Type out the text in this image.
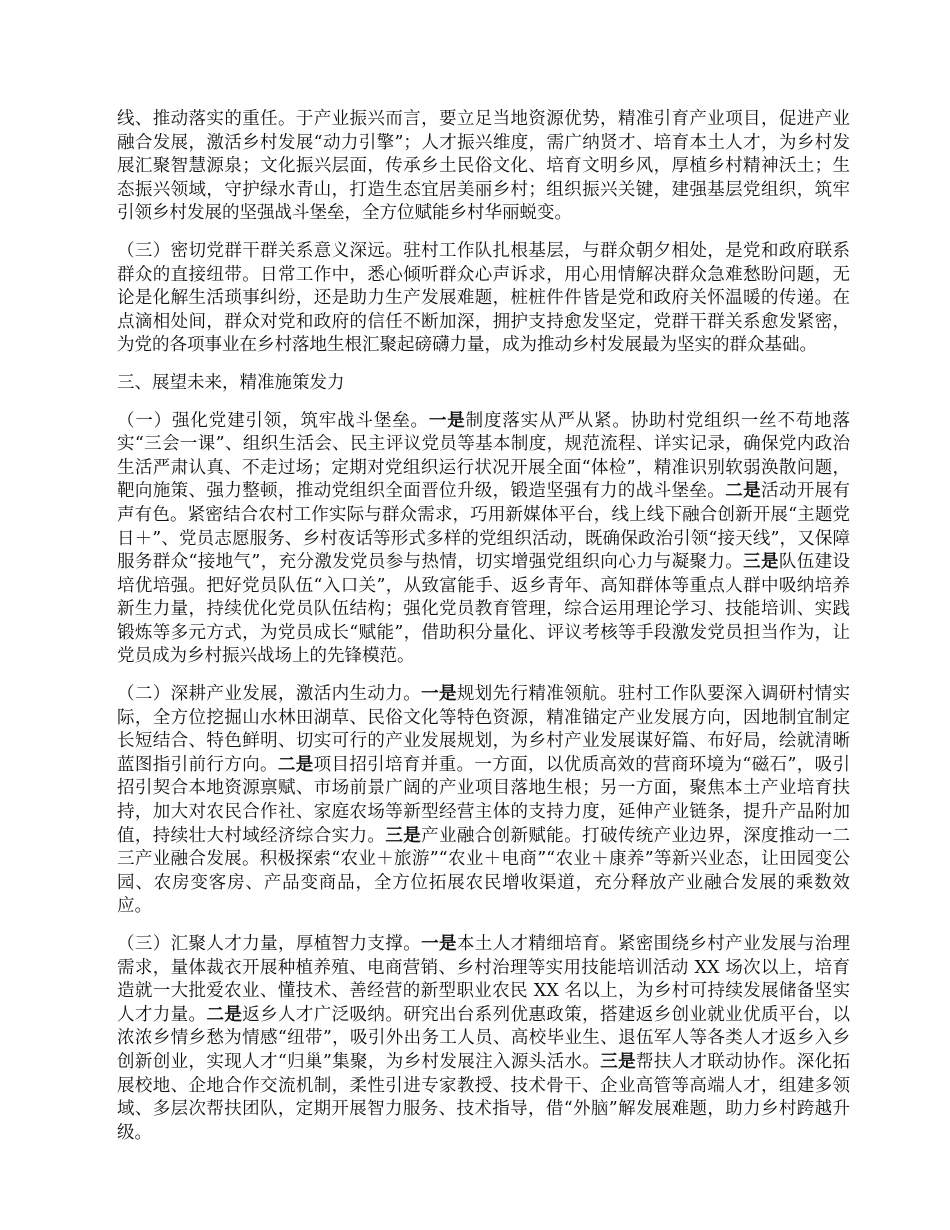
线、推动落实的重任。于产业振兴而言，要立足当地资源优势，精准引育产业项目，促进产业融合发展，激活乡村发展“动力引擎”；人才振兴维度，需广纳贤才、培育本土人才，为乡村发展汇聚智慧源泉；文化振兴层面，传承乡土民俗文化、培育文明乡风，厚植乡村精神沃土；生态振兴领域，守护绿水青山，打造生态宜居美丽乡村；组织振兴关键，建强基层党组织，筑牢引领乡村发展的坚强战斗堡垒，全方位赋能乡村华丽蜕变。

（三）密切党群干群关系意义深远。驻村工作队扎根基层，与群众朝夕相处，是党和政府联系群众的直接纽带。日常工作中，悉心倾听群众心声诉求，用心用情解决群众急难愁盼问题，无论是化解生活琐事纠纷，还是助力生产发展难题，桩桩件件皆是党和政府关怀温暖的传递。在点滴相处间，群众对党和政府的信任不断加深，拥护支持愈发坚定，党群干群关系愈发紧密，为党的各项事业在乡村落地生根汇聚起磅礴力量，成为推动乡村发展最为坚实的群众基础。

三、展望未来，精准施策发力

（一）强化党建引领，筑牢战斗堡垒。一是制度落实从严从紧。协助村党组织一丝不苟地落实“三会一课”、组织生活会、民主评议党员等基本制度，规范流程、详实记录，确保党内政治生活严肃认真、不走过场；定期对党组织运行状况开展全面“体检”，精准识别软弱涣散问题，靶向施策、强力整顿，推动党组织全面晋位升级，锻造坚强有力的战斗堡垒。二是活动开展有声有色。紧密结合农村工作实际与群众需求，巧用新媒体平台，线上线下融合创新开展“主题党日＋”、党员志愿服务、乡村夜话等形式多样的党组织活动，既确保政治引领“接天线”，又保障服务群众“接地气”，充分激发党员参与热情，切实增强党组织向心力与凝聚力。三是队伍建设培优培强。把好党员队伍“入口关”，从致富能手、返乡青年、高知群体等重点人群中吸纳培养新生力量，持续优化党员队伍结构；强化党员教育管理，综合运用理论学习、技能培训、实践锻炼等多元方式，为党员成长“赋能”，借助积分量化、评议考核等手段激发党员担当作为，让党员成为乡村振兴战场上的先锋模范。

（二）深耕产业发展，激活内生动力。一是规划先行精准领航。驻村工作队要深入调研村情实际，全方位挖掘山水林田湖草、民俗文化等特色资源，精准锚定产业发展方向，因地制宜制定长短结合、特色鲜明、切实可行的产业发展规划，为乡村产业发展谋好篇、布好局，绘就清晰蓝图指引前行方向。二是项目招引培育并重。一方面，以优质高效的营商环境为“磁石”，吸引招引契合本地资源禀赋、市场前景广阔的产业项目落地生根；另一方面，聚焦本土产业培育扶持，加大对农民合作社、家庭农场等新型经营主体的支持力度，延伸产业链条，提升产品附加值，持续壮大村域经济综合实力。三是产业融合创新赋能。打破传统产业边界，深度推动一二三产业融合发展。积极探索“农业＋旅游”“农业＋电商”“农业＋康养”等新兴业态，让田园变公园、农房变客房、产品变商品，全方位拓展农民增收渠道，充分释放产业融合发展的乘数效应。

（三）汇聚人才力量，厚植智力支撑。一是本土人才精细培育。紧密围绕乡村产业发展与治理需求，量体裁衣开展种植养殖、电商营销、乡村治理等实用技能培训活动 XX 场次以上，培育造就一大批爱农业、懂技术、善经营的新型职业农民 XX 名以上，为乡村可持续发展储备坚实人才力量。二是返乡人才广泛吸纳。研究出台系列优惠政策，搭建返乡创业就业优质平台，以浓浓乡情乡愁为情感“纽带”，吸引外出务工人员、高校毕业生、退伍军人等各类人才返乡入乡创新创业，实现人才“归巢”集聚，为乡村发展注入源头活水。三是帮扶人才联动协作。深化拓展校地、企地合作交流机制，柔性引进专家教授、技术骨干、企业高管等高端人才，组建多领域、多层次帮扶团队，定期开展智力服务、技术指导，借“外脑”解发展难题，助力乡村跨越升级。
